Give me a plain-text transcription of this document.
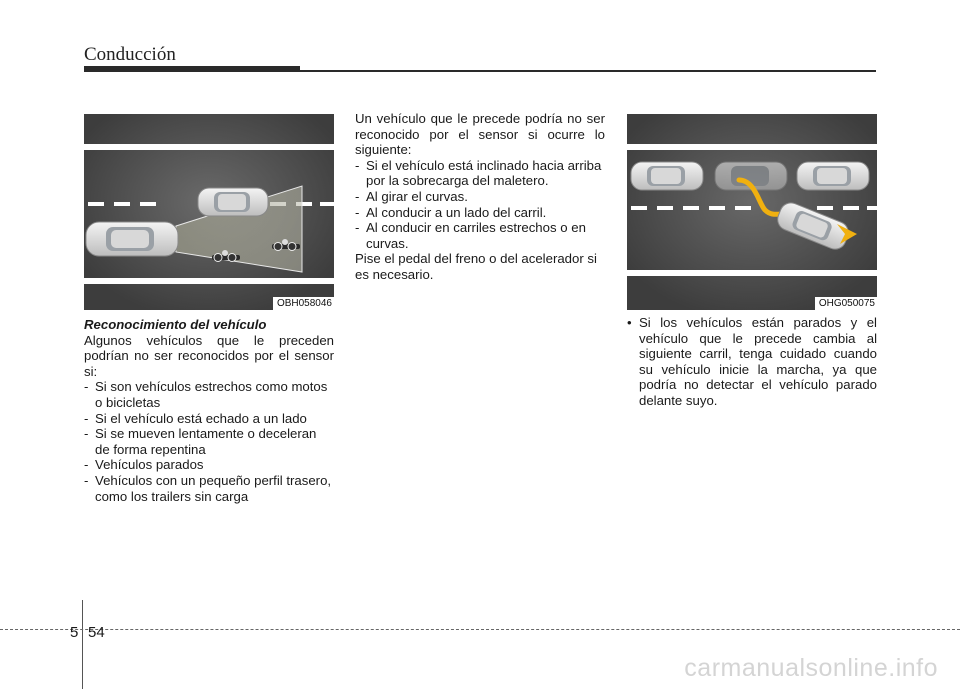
Conducción
OBH058046	OHG050075

Reconocimiento del vehículo

Algunos vehículos que le preceden podrían no ser reconocidos por el sensor si:

- Si son vehículos estrechos como motos o bicicletas
- Si el vehículo está echado a un lado
- Si se mueven lentamente o deceleran de forma repentina
- Vehículos parados
- Vehículos con un pequeño perfil trasero, como los trailers sin carga

Un vehículo que le precede podría no ser reconocido por el sensor si ocurre lo siguiente:

- Si el vehículo está inclinado hacia arriba por la sobrecarga del maletero.
- Al girar el curvas.
- Al conducir a un lado del carril.
- Al conducir en carriles estrechos o en curvas.

Pise el pedal del freno o del acelerador si es necesario.

• Si los vehículos están parados y el vehículo que le precede cambia al siguiente carril, tenga cuidado cuando su vehículo inicie la marcha, ya que podría no detectar el vehículo parado delante suyo.
5 54
carmanualsonline.info
